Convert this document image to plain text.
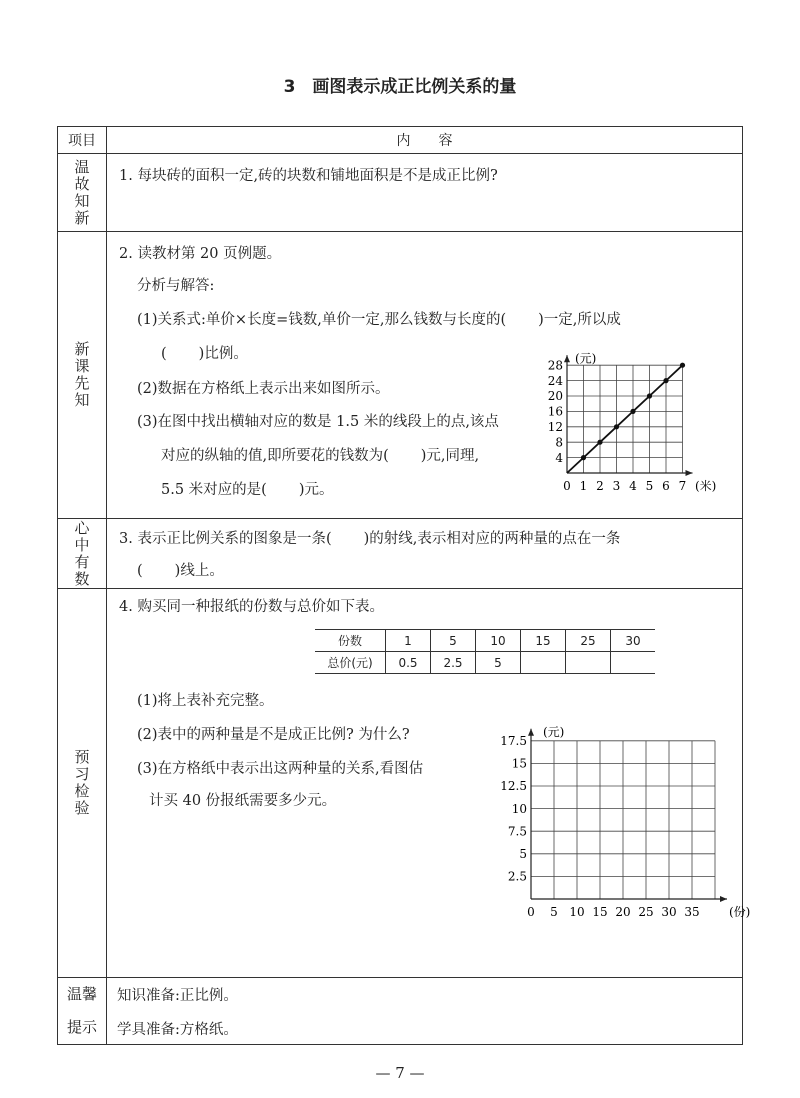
3　画图表示成正比例关系的量
项目	内　　容

温
故
知
新

1. 每块砖的面积一定,砖的块数和铺地面积是不是成正比例?

新
课
先
知

2. 读教材第 20 页例题。
分析与解答:
(1)关系式:单价×长度=钱数,单价一定,那么钱数与长度的( )一定,所以成
( )比例。
(2)数据在方格纸上表示出来如图所示。
(3)在图中找出横轴对应的数是 1.5 米的线段上的点,该点
对应的纵轴的值,即所要花的钱数为( )元,同理,
5.5 米对应的是( )元。	0 1 2 3 4 5 6 7
4
8
12
16
20
24
28
(米)
(元)

心
中
有
数

3. 表示正比例关系的图象是一条( )的射线,表示相对应的两种量的点在一条
( )线上。

预
习
检
验

4. 购买同一种报纸的份数与总价如下表。
份数	1	5	10	15	25	30
总价(元)	0.5	2.5	5			
(1)将上表补充完整。
(2)表中的两种量是不是成正比例? 为什么?
(3)在方格纸中表示出这两种量的关系,看图估
计买 40 份报纸需要多少元。
0 5 10 15 20 25 30 35
2.5
5
7.5
10
12.5
15
17.5
(份)
(元)

温馨
提示

知识准备:正比例。
学具准备:方格纸。
— 7 —
